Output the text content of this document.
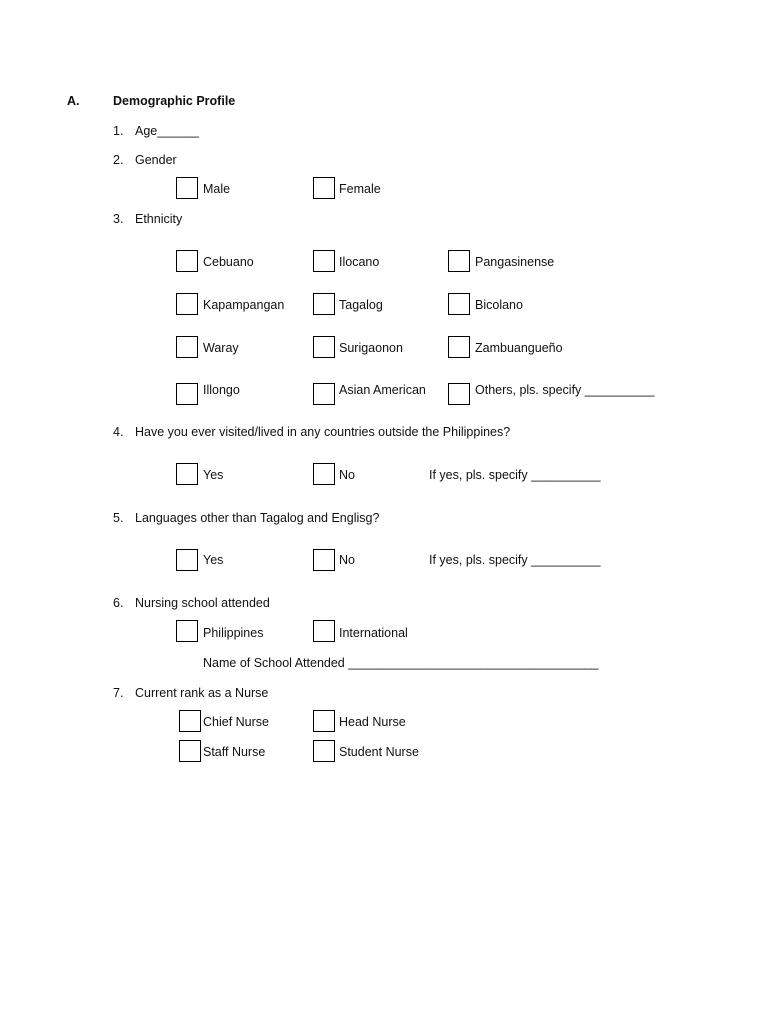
A.	Demographic Profile
1. Age______
2. Gender
Male	Female
3. Ethnicity
Cebuano	Ilocano	Pangasinense
Kapampangan	Tagalog	Bicolano
Waray	Surigaonon	Zambuangueño
Illongo	Asian American	Others, pls. specify __________
4. Have you ever visited/lived in any countries outside the Philippines?
Yes	No	If yes, pls. specify __________
5. Languages other than Tagalog and Englisg?
Yes	No	If yes, pls. specify __________
6. Nursing school attended
Philippines	International
Name of School Attended ____________________________________
7. Current rank as a Nurse
Chief Nurse	Head Nurse
Staff Nurse	Student Nurse
